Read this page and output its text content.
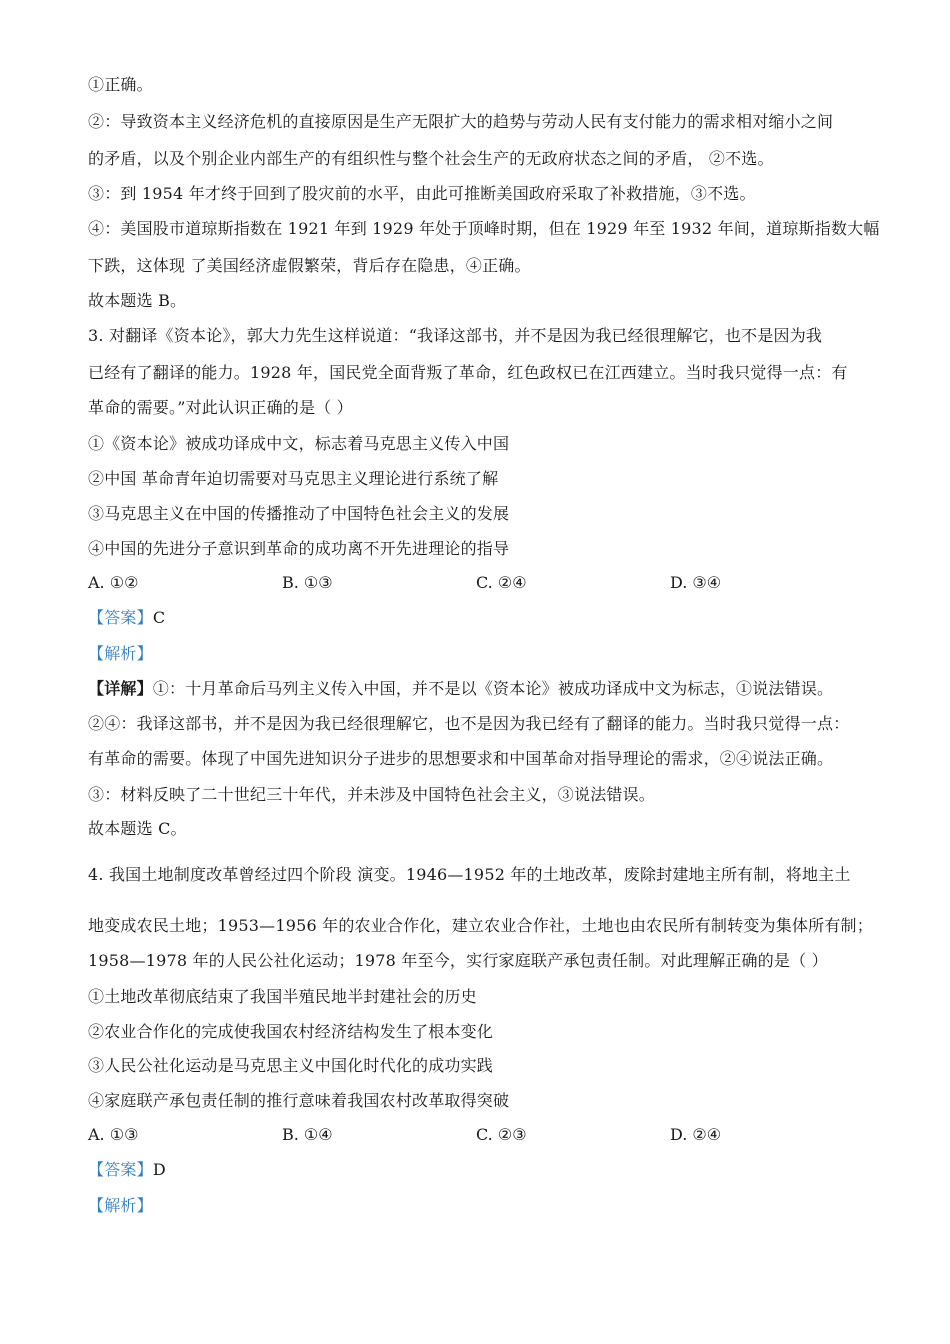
①正确。
②：导致资本主义经济危机的直接原因是生产无限扩大的趋势与劳动人民有支付能力的需求相对缩小之间
的矛盾，以及个别企业内部生产的有组织性与整个社会生产的无政府状态之间的矛盾， ②不选。
③：到 1954 年才终于回到了股灾前的水平，由此可推断美国政府采取了补救措施，③不选。
④：美国股市道琼斯指数在 1921 年到 1929 年处于顶峰时期，但在 1929 年至 1932 年间，道琼斯指数大幅
下跌，这体现 了美国经济虚假繁荣，背后存在隐患，④正确。
故本题选 B。
3. 对翻译《资本论》，郭大力先生这样说道：“我译这部书，并不是因为我已经很理解它，也不是因为我
已经有了翻译的能力。1928 年，国民党全面背叛了革命，红色政权已在江西建立。当时我只觉得一点：有
革命的需要。”对此认识正确的是（ ）
①《资本论》被成功译成中文，标志着马克思主义传入中国
②中国 革命青年迫切需要对马克思主义理论进行系统了解
③马克思主义在中国的传播推动了中国特色社会主义的发展
④中国的先进分子意识到革命的成功离不开先进理论的指导
A. ①②	B. ①③	C. ②④	D. ③④
【答案】C
【解析】
【详解】①：十月革命后马列主义传入中国，并不是以《资本论》被成功译成中文为标志，①说法错误。
②④：我译这部书，并不是因为我已经很理解它，也不是因为我已经有了翻译的能力。当时我只觉得一点：
有革命的需要。体现了中国先进知识分子进步的思想要求和中国革命对指导理论的需求，②④说法正确。
③：材料反映了二十世纪三十年代，并未涉及中国特色社会主义，③说法错误。
故本题选 C。
4. 我国土地制度改革曾经过四个阶段 演变。1946—1952 年的土地改革，废除封建地主所有制，将地主土
地变成农民土地；1953—1956 年的农业合作化，建立农业合作社，土地也由农民所有制转变为集体所有制；
1958—1978 年的人民公社化运动；1978 年至今，实行家庭联产承包责任制。对此理解正确的是（ ）
①土地改革彻底结束了我国半殖民地半封建社会的历史
②农业合作化的完成使我国农村经济结构发生了根本变化
③人民公社化运动是马克思主义中国化时代化的成功实践
④家庭联产承包责任制的推行意味着我国农村改革取得突破
A. ①③	B. ①④	C. ②③	D. ②④
【答案】D
【解析】
